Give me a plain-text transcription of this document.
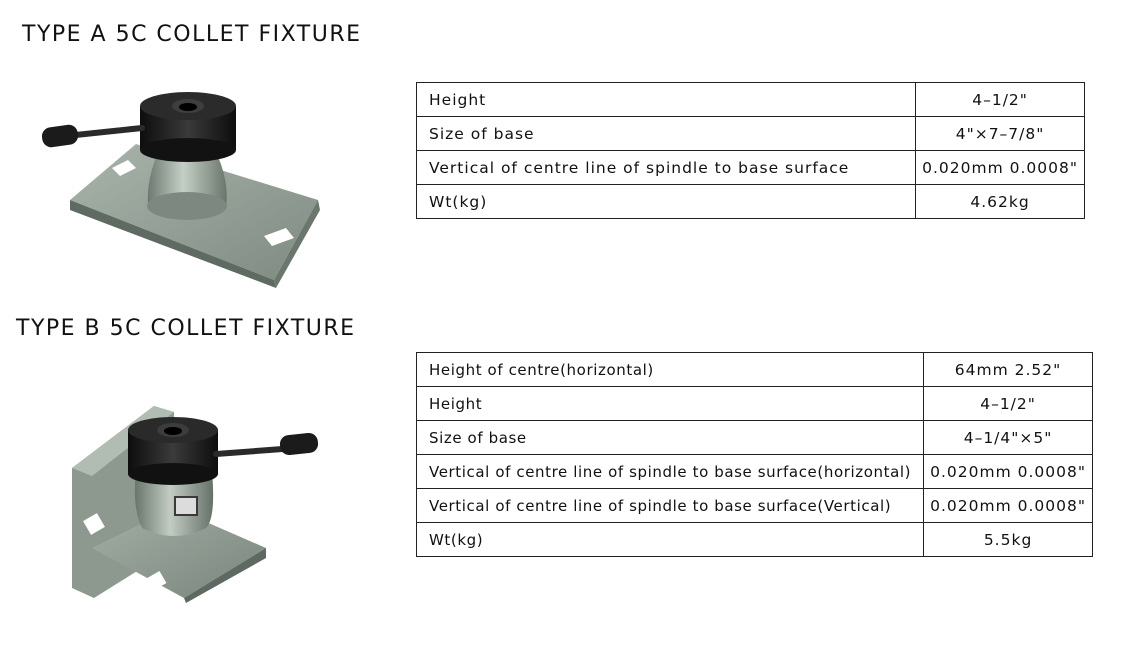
TYPE A 5C COLLET FIXTURE
Height	4–1/2"
Size of base	4"×7–7/8"
Vertical of centre line of spindle to base surface	0.020mm 0.0008"
Wt(kg)	4.62kg
TYPE B 5C COLLET FIXTURE
Height of centre(horizontal)	64mm 2.52"
Height	4–1/2"
Size of base	4–1/4"×5"
Vertical of centre line of spindle to base surface(horizontal)	0.020mm 0.0008"
Vertical of centre line of spindle to base surface(Vertical)	0.020mm 0.0008"
Wt(kg)	5.5kg
